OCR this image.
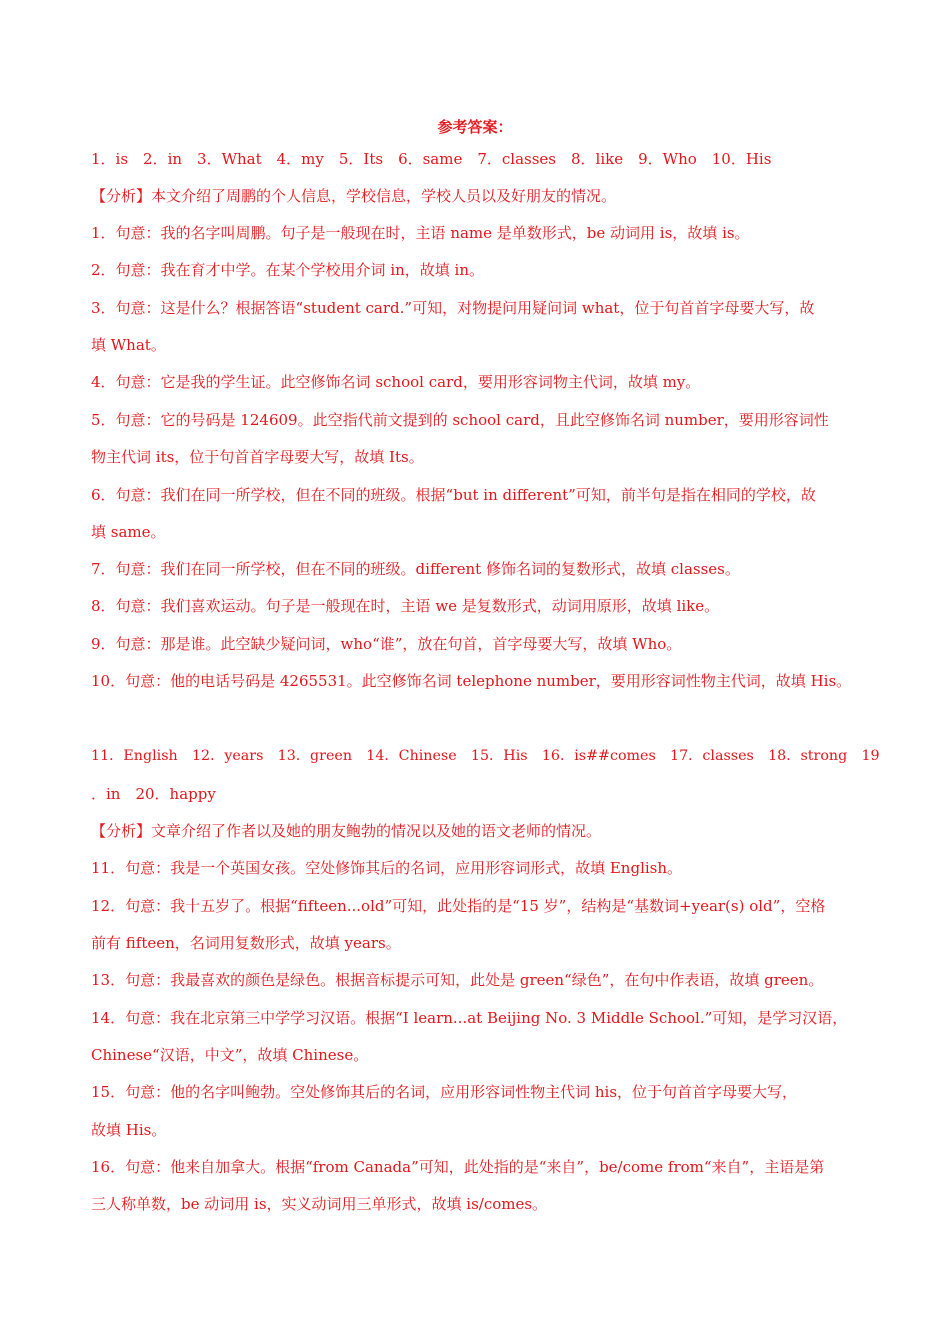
参考答案：
1．is　2．in　3．What　4．my　5．Its　6．same　7．classes　8．like　9．Who　10．His
【分析】本文介绍了周鹏的个人信息，学校信息，学校人员以及好朋友的情况。
1．句意：我的名字叫周鹏。句子是一般现在时，主语 name 是单数形式，be 动词用 is，故填 is。
2．句意：我在育才中学。在某个学校用介词 in，故填 in。
3．句意：这是什么？根据答语“student card.”可知，对物提问用疑问词 what，位于句首首字母要大写，故
填 What。
4．句意：它是我的学生证。此空修饰名词 school card，要用形容词物主代词，故填 my。
5．句意：它的号码是 124609。此空指代前文提到的 school card，且此空修饰名词 number，要用形容词性
物主代词 its，位于句首首字母要大写，故填 Its。
6．句意：我们在同一所学校，但在不同的班级。根据“but in different”可知，前半句是指在相同的学校，故
填 same。
7．句意：我们在同一所学校，但在不同的班级。different 修饰名词的复数形式，故填 classes。
8．句意：我们喜欢运动。句子是一般现在时，主语 we 是复数形式，动词用原形，故填 like。
9．句意：那是谁。此空缺少疑问词，who“谁”，放在句首，首字母要大写，故填 Who。
10．句意：他的电话号码是 4265531。此空修饰名词 telephone number，要用形容词性物主代词，故填 His。
11．English　12．years　13．green　14．Chinese　15．His　16．is##comes　17．classes　18．strong　19
．in　20．happy
【分析】文章介绍了作者以及她的朋友鲍勃的情况以及她的语文老师的情况。
11．句意：我是一个英国女孩。空处修饰其后的名词，应用形容词形式，故填 English。
12．句意：我十五岁了。根据“fifteen...old”可知，此处指的是“15 岁”，结构是“基数词+year(s) old”，空格
前有 fifteen，名词用复数形式，故填 years。
13．句意：我最喜欢的颜色是绿色。根据音标提示可知，此处是 green“绿色”，在句中作表语，故填 green。
14．句意：我在北京第三中学学习汉语。根据“I learn...at Beijing No. 3 Middle School.”可知，是学习汉语，
Chinese“汉语，中文”，故填 Chinese。
15．句意：他的名字叫鲍勃。空处修饰其后的名词，应用形容词性物主代词 his，位于句首首字母要大写，
故填 His。
16．句意：他来自加拿大。根据“from Canada”可知，此处指的是“来自”，be/come from“来自”，主语是第
三人称单数，be 动词用 is，实义动词用三单形式，故填 is/comes。
